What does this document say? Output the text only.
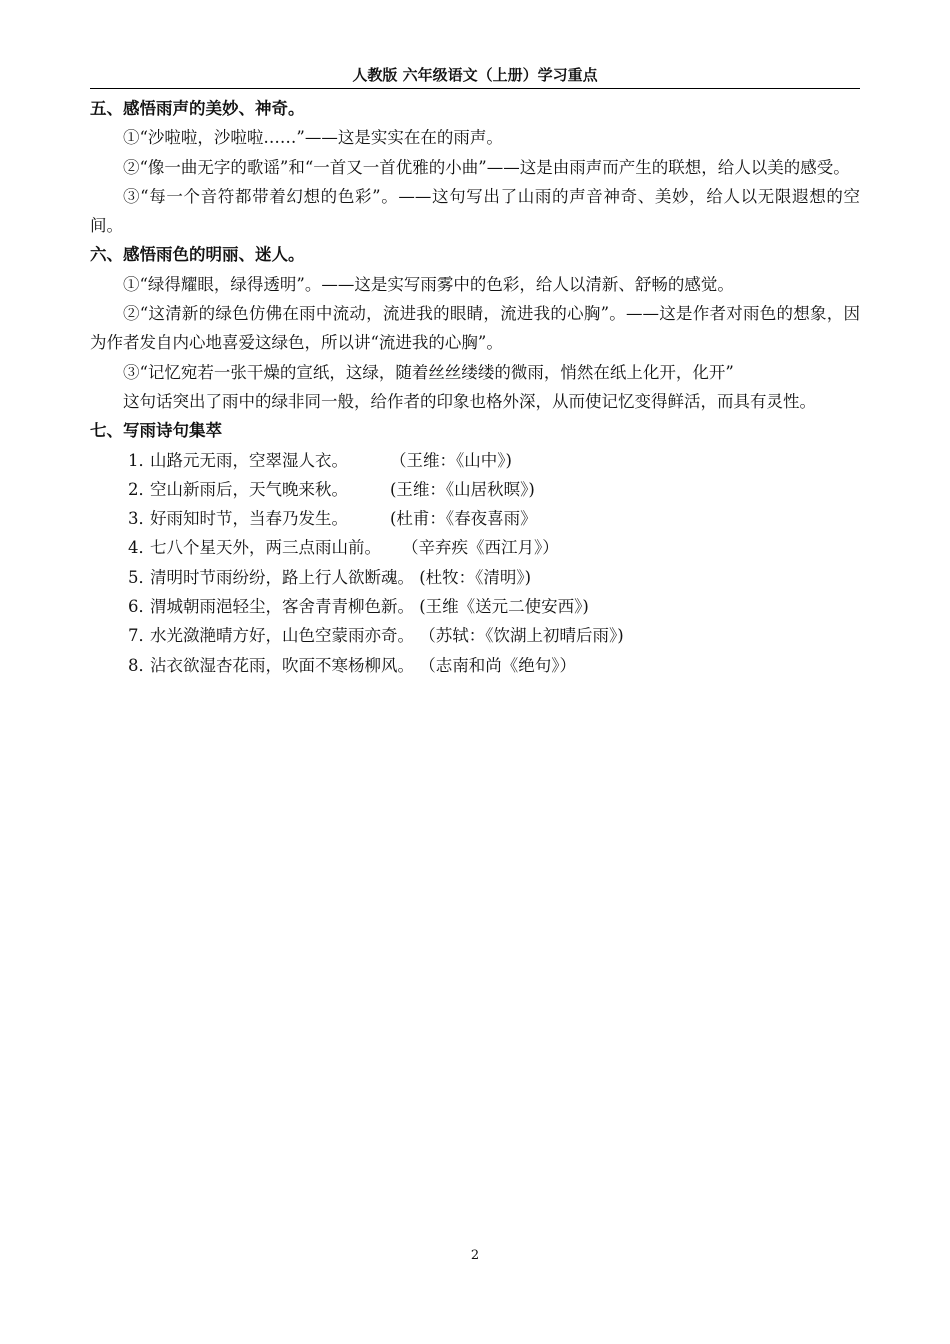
人教版 六年级语文（上册）学习重点
五、感悟雨声的美妙、神奇。
①“沙啦啦，沙啦啦……”——这是实实在在的雨声。
②“像一曲无字的歌谣”和“一首又一首优雅的小曲”——这是由雨声而产生的联想，给人以美的感受。
③“每一个音符都带着幻想的色彩”。——这句写出了山雨的声音神奇、美妙，给人以无限遐想的空间。
六、感悟雨色的明丽、迷人。
①“绿得耀眼，绿得透明”。——这是实写雨雾中的色彩，给人以清新、舒畅的感觉。
②“这清新的绿色仿佛在雨中流动，流进我的眼睛，流进我的心胸”。——这是作者对雨色的想象，因为作者发自内心地喜爱这绿色，所以讲“流进我的心胸”。
③“记忆宛若一张干燥的宣纸，这绿，随着丝丝缕缕的微雨，悄然在纸上化开，化开”
这句话突出了雨中的绿非同一般，给作者的印象也格外深，从而使记忆变得鲜活，而具有灵性。
七、写雨诗句集萃
1．山路元无雨，空翠湿人衣。        （王维：《山中》)
2．空山新雨后，天气晚来秋。        (王维：《山居秋暝》)
3．好雨知时节，当春乃发生。        (杜甫：《春夜喜雨》
4．七八个星天外，两三点雨山前。    （辛弃疾《西江月》）
5．清明时节雨纷纷，路上行人欲断魂。 (杜牧：《清明》)
6．渭城朝雨浥轻尘，客舍青青柳色新。 (王维《送元二使安西》)
7．水光潋滟晴方好，山色空蒙雨亦奇。 （苏轼：《饮湖上初晴后雨》)
8．沾衣欲湿杏花雨，吹面不寒杨柳风。 （志南和尚《绝句》）
2
